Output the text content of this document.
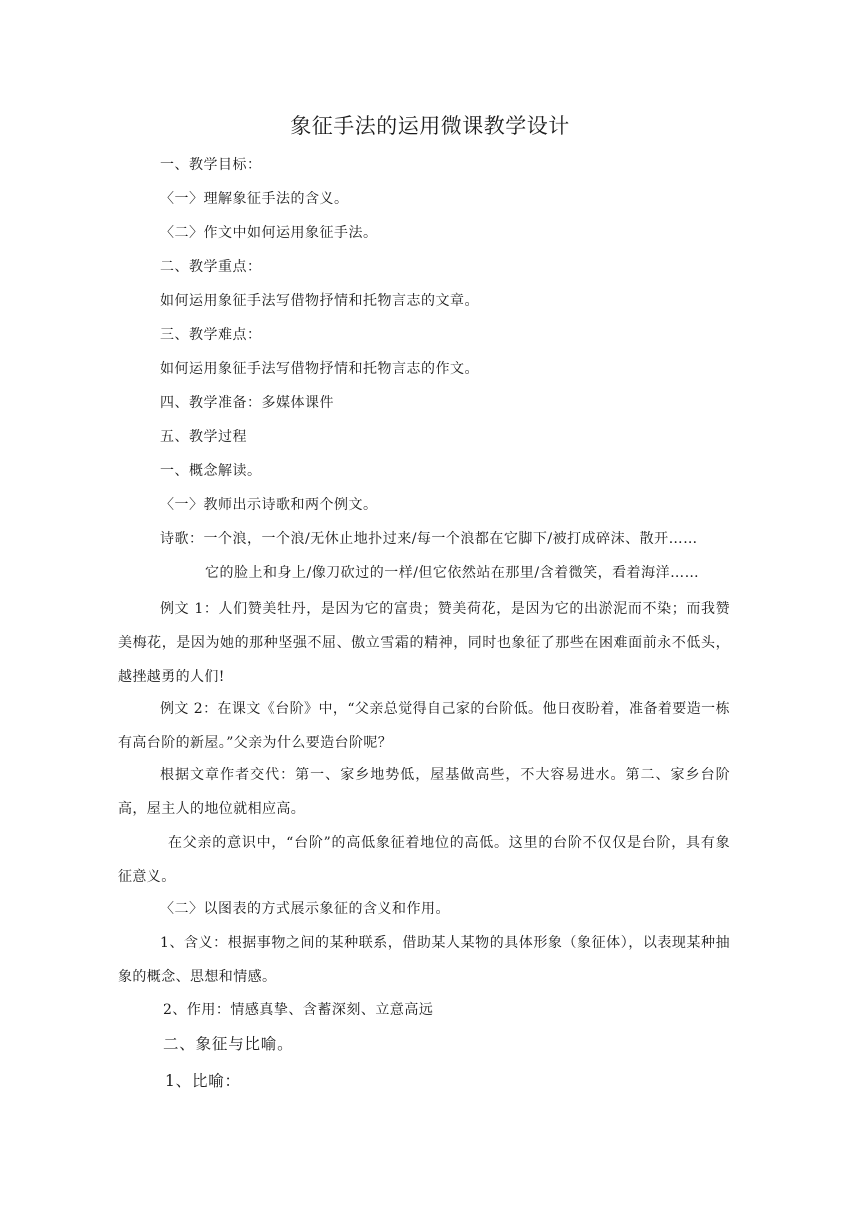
象征手法的运用微课教学设计
一、教学目标：
〈一〉理解象征手法的含义。
〈二〉作文中如何运用象征手法。
二、教学重点：
如何运用象征手法写借物抒情和托物言志的文章。
三、教学难点：
如何运用象征手法写借物抒情和托物言志的作文。
四、教学准备：多媒体课件
五、教学过程
一、概念解读。
〈一〉教师出示诗歌和两个例文。
诗歌：一个浪，一个浪/无休止地扑过来/每一个浪都在它脚下/被打成碎沫、散开……
它的脸上和身上/像刀砍过的一样/但它依然站在那里/含着微笑，看着海洋……
例文 1：人们赞美牡丹，是因为它的富贵；赞美荷花，是因为它的出淤泥而不染；而我赞美梅花，是因为她的那种坚强不屈、傲立雪霜的精神，同时也象征了那些在困难面前永不低头，越挫越勇的人们!
例文 2：在课文《台阶》中，“父亲总觉得自己家的台阶低。他日夜盼着，准备着要造一栋有高台阶的新屋。”父亲为什么要造台阶呢？
根据文章作者交代：第一、家乡地势低，屋基做高些，不大容易进水。第二、家乡台阶高，屋主人的地位就相应高。
在父亲的意识中，“台阶”的高低象征着地位的高低。这里的台阶不仅仅是台阶，具有象征意义。
〈二〉以图表的方式展示象征的含义和作用。
1、含义：根据事物之间的某种联系，借助某人某物的具体形象（象征体），以表现某种抽象的概念、思想和情感。
2、作用：情感真挚、含蓄深刻、立意高远
二、象征与比喻。
1、比喻：
